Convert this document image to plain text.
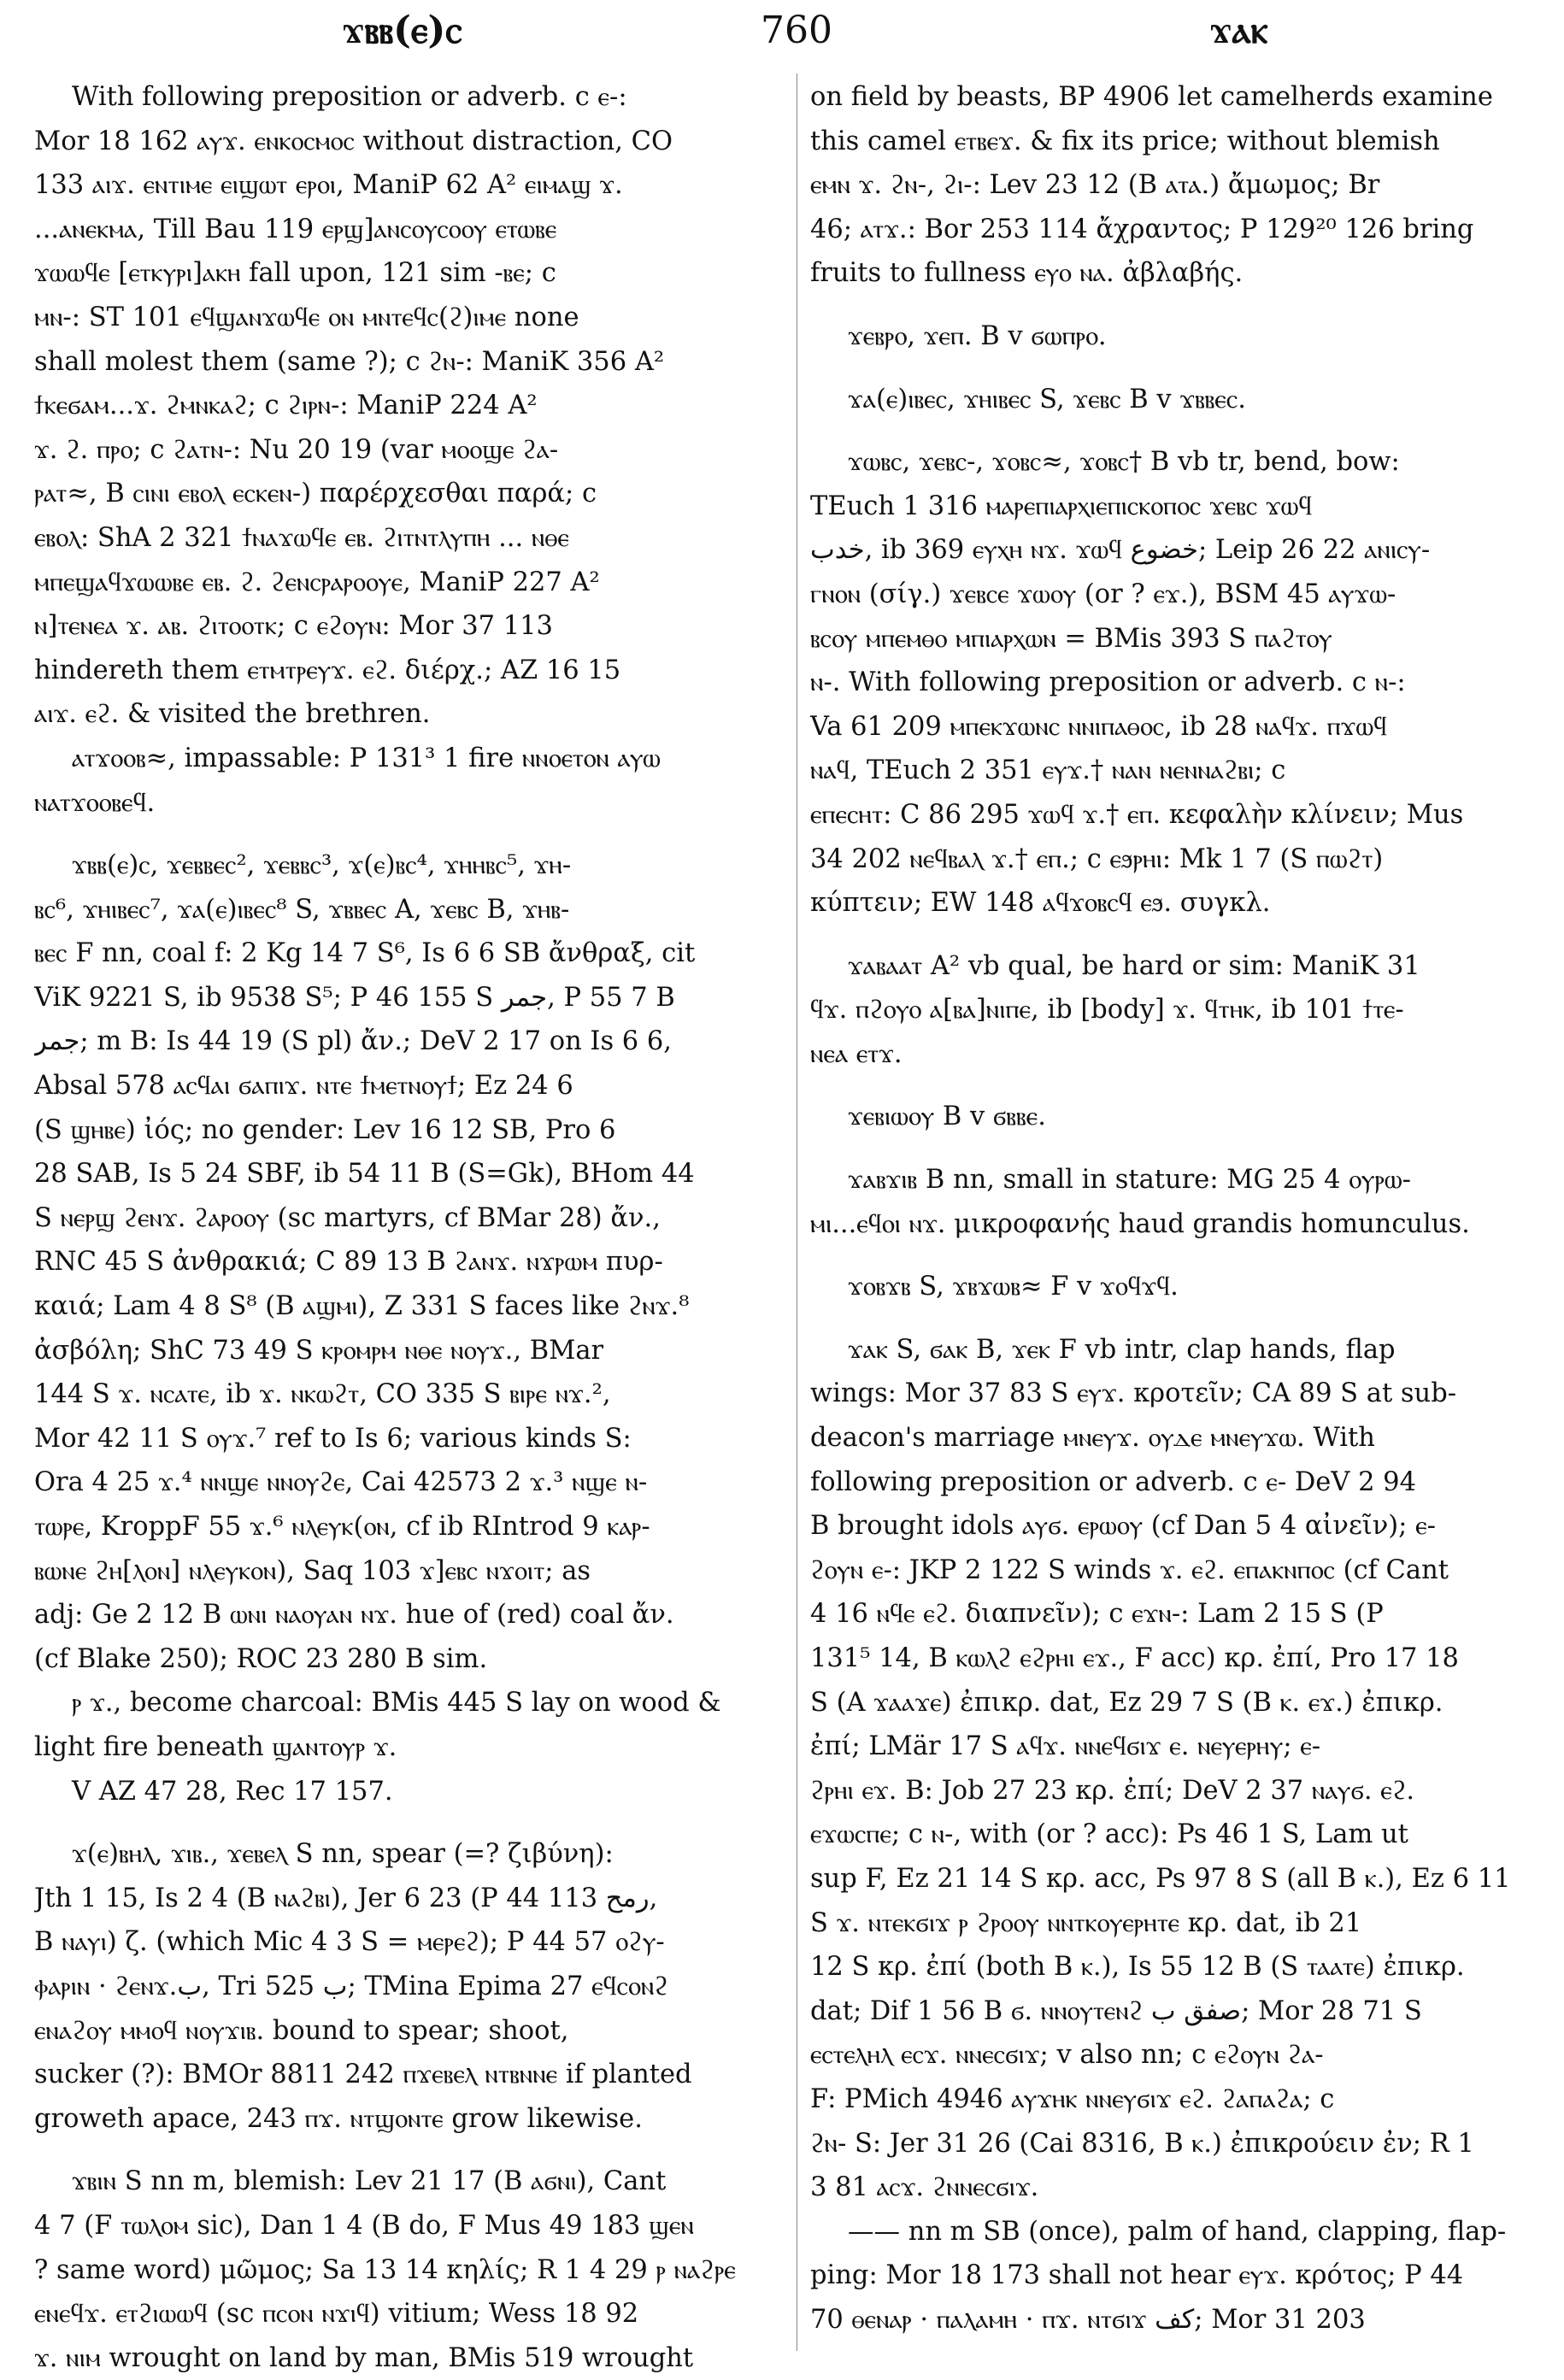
ϫⲃⲃ(ⲉ)ⲥ	760	ϫⲁⲕ
With following preposition or adverb. c ⲉ-:
Mor 18 162 ⲁⲩϫ. ⲉⲛⲕⲟⲥⲙⲟⲥ without distraction, CO
133 ⲁⲓϫ. ⲉⲛⲧⲓⲙⲉ ⲉⲓϣⲱⲧ ⲉⲣⲟⲓ, ManiP 62 A² ⲉⲓⲙⲁϣ ϫ.
...ⲁⲛⲉⲕⲙⲁ, Till Bau 119 ⲉⲣϣ]ⲁⲛⲥⲟⲩⲥⲟⲟⲩ ⲉⲧⲱⲃⲉ
ϫⲱⲱϥⲉ [ⲉⲧⲕⲩⲣⲓ]ⲁⲕⲏ fall upon, 121 sim -ⲃⲉ; c
ⲙⲛ-: ST 101 ⲉϥϣⲁⲛϫⲱϥⲉ ⲟⲛ ⲙⲛⲧⲉϥⲥ(ϩ)ⲓⲙⲉ none
shall molest them (same ?); c ϩⲛ-: ManiK 356 A²
ϯⲕⲉϭⲁⲙ...ϫ. ϩⲙⲛⲕⲁϩ; c ϩⲓⲣⲛ-: ManiP 224 A²
ϫ. ϩ. ⲡⲣⲟ; c ϩⲁⲧⲛ-: Nu 20 19 (var ⲙⲟⲟϣⲉ ϩⲁ-
ⲣⲁⲧ≈, B ⲥⲓⲛⲓ ⲉⲃⲟⲗ ⲉⲥⲕⲉⲛ-) παρέρχεσθαι παρά; c
ⲉⲃⲟⲗ: ShA 2 321 ϯⲛⲁϫⲱϥⲉ ⲉⲃ. ϩⲓⲧⲛⲧⲗⲩⲡⲏ ... ⲛⲑⲉ
ⲙⲡⲉϣⲁϥϫⲱⲱⲃⲉ ⲉⲃ. ϩ. ϩⲉⲛⲥⲣⲁⲣⲟⲟⲩⲉ, ManiP 227 A²
ⲛ]ⲧⲉⲛⲉⲁ ϫ. ⲁⲃ. ϩⲓⲧⲟⲟⲧⲕ; c ⲉϩⲟⲩⲛ: Mor 37 113
hindereth them ⲉⲧⲙⲧⲣⲉⲩϫ. ⲉϩ. διέρχ.; AZ 16 15
ⲁⲓϫ. ⲉϩ. & visited the brethren.
ⲁⲧϫⲟⲟⲃ≈, impassable: P 131³ 1 fire ⲛⲛⲟⲉⲧⲟⲛ ⲁⲩⲱ
ⲛⲁⲧϫⲟⲟⲃⲉϥ.
ϫⲃⲃ(ⲉ)ⲥ, ϫⲉⲃⲃⲉⲥ², ϫⲉⲃⲃⲥ³, ϫ(ⲉ)ⲃⲥ⁴, ϫⲏⲏⲃⲥ⁵, ϫⲏ-
ⲃⲥ⁶, ϫⲏⲓⲃⲉⲥ⁷, ϫⲁ(ⲉ)ⲓⲃⲉⲥ⁸ S, ϫⲃⲃⲉⲥ A, ϫⲉⲃⲥ B, ϫⲏⲃ-
ⲃⲉⲥ F nn, coal f: 2 Kg 14 7 S⁶, Is 6 6 SB ἄνθραξ, cit
ViK 9221 S, ib 9538 S⁵; P 46 155 S جمر, P 55 7 B
جمر; m B: Is 44 19 (S pl) ἄν.; DeV 2 17 on Is 6 6,
Absal 578 ⲁⲥϥⲁⲓ ϭⲁⲡⲓϫ. ⲛⲧⲉ ϯⲙⲉⲧⲛⲟⲩϯ; Ez 24 6
(S ϣⲏⲃⲉ) ἰός; no gender: Lev 16 12 SB, Pro 6
28 SAB, Is 5 24 SBF, ib 54 11 B (S=Gk), BHom 44
S ⲛⲉⲣϣ ϩⲉⲛϫ. ϩⲁⲣⲟⲟⲩ (sc martyrs, cf BMar 28) ἄν.,
RNC 45 S ἀνθρακιά; C 89 13 B ϩⲁⲛϫ. ⲛϫⲣⲱⲙ πυρ-
καιά; Lam 4 8 S⁸ (B ⲁϣⲙⲓ), Z 331 S faces like ϩⲛϫ.⁸
ἀσβόλη; ShC 73 49 S ⲕⲣⲟⲙⲣⲙ ⲛⲑⲉ ⲛⲟⲩϫ., BMar
144 S ϫ. ⲛⲥⲁⲧⲉ, ib ϫ. ⲛⲕⲱϩⲧ, CO 335 S ⲃⲓⲣⲉ ⲛϫ.²,
Mor 42 11 S ⲟⲩϫ.⁷ ref to Is 6; various kinds S:
Ora 4 25 ϫ.⁴ ⲛⲛϣⲉ ⲛⲛⲟⲩϩⲉ, Cai 42573 2 ϫ.³ ⲛϣⲉ ⲛ-
ⲧⲱⲣⲉ, KroppF 55 ϫ.⁶ ⲛⲗⲉⲩⲕ(ⲟⲛ, cf ib RIntrod 9 ⲕⲁⲣ-
ⲃⲱⲛⲉ ϩⲏ[ⲗⲟⲛ] ⲛⲗⲉⲩⲕⲟⲛ), Saq 103 ϫ]ⲉⲃⲥ ⲛϫⲟⲓⲧ; as
adj: Ge 2 12 B ⲱⲛⲓ ⲛⲁⲟⲩⲁⲛ ⲛϫ. hue of (red) coal ἄν.
(cf Blake 250); ROC 23 280 B sim.
ⲣ ϫ., become charcoal: BMis 445 S lay on wood &
light fire beneath ϣⲁⲛⲧⲟⲩⲣ ϫ.
V AZ 47 28, Rec 17 157.
ϫ(ⲉ)ⲃⲏⲗ, ϫⲓⲃ., ϫⲉⲃⲉⲗ S nn, spear (=? ζιβύνη):
Jth 1 15, Is 2 4 (B ⲛⲁϩⲃⲓ), Jer 6 23 (P 44 113 رمح,
B ⲛⲁⲩⲓ) ζ. (which Mic 4 3 S = ⲙⲉⲣⲉϩ); P 44 57 ⲟϩⲩ-
ⲫⲁⲣⲓⲛ · ϩⲉⲛϫ.ب, Tri 525 ب; TMina Epima 27 ⲉϥⲥⲟⲛϩ
ⲉⲛⲁϩⲟⲩ ⲙⲙⲟϥ ⲛⲟⲩϫⲓⲃ. bound to spear; shoot,
sucker (?): BMOr 8811 242 ⲡϫⲉⲃⲉⲗ ⲛⲧⲃⲛⲛⲉ if planted
groweth apace, 243 ⲡϫ. ⲛⲧϣⲟⲛⲧⲉ grow likewise.
ϫⲃⲓⲛ S nn m, blemish: Lev 21 17 (B ⲁϭⲛⲓ), Cant
4 7 (F ⲧⲱⲗⲟⲙ sic), Dan 1 4 (B do, F Mus 49 183 ϣⲉⲛ
? same word) μῶμος; Sa 13 14 κηλίς; R 1 4 29 ⲣ ⲛⲁϩⲣⲉ
ⲉⲛⲉϥϫ. ⲉⲧϩⲓⲱⲱϥ (sc ⲡⲥⲟⲛ ⲛϫⲓϥ) vitium; Wess 18 92
ϫ. ⲛⲓⲙ wrought on land by man, BMis 519 wrought
on field by beasts, BP 4906 let camelherds examine
this camel ⲉⲧⲃⲉϫ. & fix its price; without blemish
ⲉⲙⲛ ϫ. ϩⲛ-, ϩⲓ-: Lev 23 12 (B ⲁⲧⲁ.) ἄμωμος; Br
46; ⲁⲧϫ.: Bor 253 114 ἄχραντος; P 129²⁰ 126 bring
fruits to fullness ⲉⲩⲟ ⲛⲁ. ἀβλαβής.
ϫⲉⲃⲣⲟ, ϫⲉⲡ. B v ϭⲱⲡⲣⲟ.
ϫⲁ(ⲉ)ⲓⲃⲉⲥ, ϫⲏⲓⲃⲉⲥ S, ϫⲉⲃⲥ B v ϫⲃⲃⲉⲥ.
ϫⲱⲃⲥ, ϫⲉⲃⲥ-, ϫⲟⲃⲥ≈, ϫⲟⲃⲥ† B vb tr, bend, bow:
TEuch 1 316 ⲙⲁⲣⲉⲡⲓⲁⲣⲭⲓⲉⲡⲓⲥⲕⲟⲡⲟⲥ ϫⲉⲃⲥ ϫⲱϥ
خدب, ib 369 ⲉⲩⲭⲏ ⲛϫ. ϫⲱϥ خضوع; Leip 26 22 ⲁⲛⲓⲥⲩ-
ⲅⲛⲟⲛ (σίγ.) ϫⲉⲃⲥⲉ ϫⲱⲟⲩ (or ? ⲉϫ.), BSM 45 ⲁⲩϫⲱ-
ⲃⲥⲟⲩ ⲙⲡⲉⲙⲑⲟ ⲙⲡⲓⲁⲣⲭⲱⲛ = BMis 393 S ⲡⲁϩⲧⲟⲩ
ⲛ-. With following preposition or adverb. c ⲛ-:
Va 61 209 ⲙⲡⲉⲕϫⲱⲛⲥ ⲛⲛⲓⲡⲁⲑⲟⲥ, ib 28 ⲛⲁϥϫ. ⲡϫⲱϥ
ⲛⲁϥ, TEuch 2 351 ⲉⲩϫ.† ⲛⲁⲛ ⲛⲉⲛⲛⲁϩⲃⲓ; c
ⲉⲡⲉⲥⲏⲧ: C 86 295 ϫⲱϥ ϫ.† ⲉⲡ. κεφαλὴν κλίνειν; Mus
34 202 ⲛⲉϥⲃⲁⲗ ϫ.† ⲉⲡ.; c ⲉϧⲣⲏⲓ: Mk 1 7 (S ⲡⲱϩⲧ)
κύπτειν; EW 148 ⲁϥϫⲟⲃⲥϥ ⲉϧ. συγκλ.
ϫⲁⲃⲁⲁⲧ A² vb qual, be hard or sim: ManiK 31
ϥϫ. ⲡϩⲟⲩⲟ ⲁ[ⲃⲁ]ⲛⲓⲡⲉ, ib [body] ϫ. ϥⲧⲏⲕ, ib 101 ϯⲧⲉ-
ⲛⲉⲁ ⲉⲧϫ.
ϫⲉⲃⲓⲱⲟⲩ B v ϭⲃⲃⲉ.
ϫⲁⲃϫⲓⲃ B nn, small in stature: MG 25 4 ⲟⲩⲣⲱ-
ⲙⲓ...ⲉϥⲟⲓ ⲛϫ. μικροφανής haud grandis homunculus.
ϫⲟⲃϫⲃ S, ϫⲃϫⲱⲃ≈ F v ϫⲟϥϫϥ.
ϫⲁⲕ S, ϭⲁⲕ B, ϫⲉⲕ F vb intr, clap hands, flap
wings: Mor 37 83 S ⲉⲩϫ. κροτεῖν; CA 89 S at sub-
deacon's marriage ⲙⲛⲉⲩϫ. ⲟⲩⲇⲉ ⲙⲛⲉⲩϫⲱ. With
following preposition or adverb. c ⲉ- DeV 2 94
B brought idols ⲁⲩϭ. ⲉⲣⲱⲟⲩ (cf Dan 5 4 αἰνεῖν); ⲉ-
ϩⲟⲩⲛ ⲉ-: JKP 2 122 S winds ϫ. ⲉϩ. ⲉⲡⲁⲕⲛⲡⲟⲥ (cf Cant
4 16 ⲛϥⲉ ⲉϩ. διαπνεῖν); c ⲉϫⲛ-: Lam 2 15 S (P
131⁵ 14, B ⲕⲱⲗϩ ⲉϩⲣⲏⲓ ⲉϫ., F acc) κρ. ἐπί, Pro 17 18
S (A ϫⲁⲁϫⲉ) ἐπικρ. dat, Ez 29 7 S (B ⲕ. ⲉϫ.) ἐπικρ.
ἐπί; LMär 17 S ⲁϥϫ. ⲛⲛⲉϥϭⲓϫ ⲉ. ⲛⲉⲩⲉⲣⲏⲩ; ⲉ-
ϩⲣⲏⲓ ⲉϫ. B: Job 27 23 κρ. ἐπί; DeV 2 37 ⲛⲁⲩϭ. ⲉϩ.
ⲉϫⲱⲥⲡⲉ; c ⲛ-, with (or ? acc): Ps 46 1 S, Lam ut
sup F, Ez 21 14 S κρ. acc, Ps 97 8 S (all B ⲕ.), Ez 6 11
S ϫ. ⲛⲧⲉⲕϭⲓϫ ⲣ ϩⲣⲟⲟⲩ ⲛⲛⲧⲕⲟⲩⲉⲣⲏⲧⲉ κρ. dat, ib 21
12 S κρ. ἐπί (both B ⲕ.), Is 55 12 B (S ⲧⲁⲁⲧⲉ) ἐπικρ.
dat; Dif 1 56 B ϭ. ⲛⲛⲟⲩⲧⲉⲛϩ صفق ب; Mor 28 71 S
ⲉⲥⲧⲉⲗⲏⲗ ⲉⲥϫ. ⲛⲛⲉⲥϭⲓϫ; v also nn; c ⲉϩⲟⲩⲛ ϩⲁ-
F: PMich 4946 ⲁⲩϫⲏⲕ ⲛⲛⲉⲩϭⲓϫ ⲉϩ. ϩⲁⲡⲁϩⲁ; c
ϩⲛ- S: Jer 31 26 (Cai 8316, B ⲕ.) ἐπικρούειν ἐν; R 1
3 81 ⲁⲥϫ. ϩⲛⲛⲉⲥϭⲓϫ.
—— nn m SB (once), palm of hand, clapping, flap-
ping: Mor 18 173 shall not hear ⲉⲩϫ. κρότος; P 44
70 ⲑⲉⲛⲁⲣ · ⲡⲁⲗⲁⲙⲏ · ⲡϫ. ⲛⲧϭⲓϫ كف; Mor 31 203
